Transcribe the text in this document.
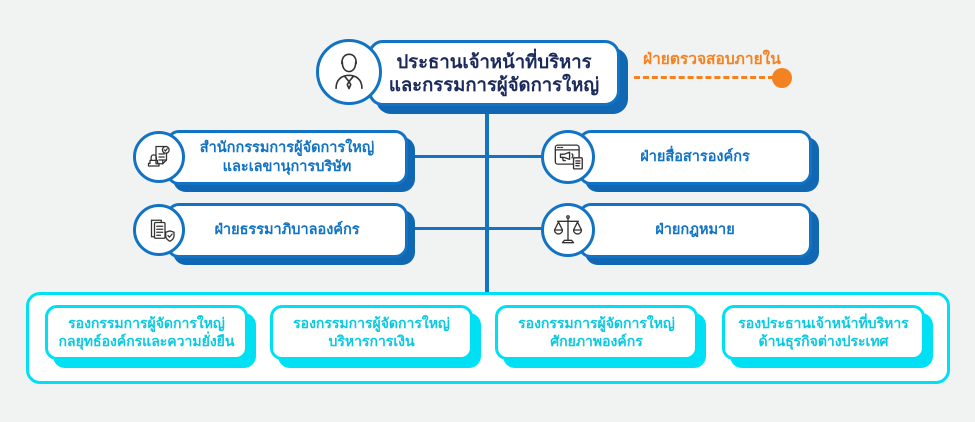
ฝ่ายตรวจสอบภายใน
ประธานเจ้าหน้าที่บริหาร
และกรรมการผู้จัดการใหญ่
สำนักกรรมการผู้จัดการใหญ่
และเลขานุการบริษัท
ฝ่ายสื่อสารองค์กร
ฝ่ายธรรมาภิบาลองค์กร	ฝ่ายกฎหมาย
รองกรรมการผู้จัดการใหญ่
กลยุทธ์องค์กรและความยั่งยืน
รองกรรมการผู้จัดการใหญ่
บริหารการเงิน
รองกรรมการผู้จัดการใหญ่
ศักยภาพองค์กร
รองประธานเจ้าหน้าที่บริหาร
ด้านธุรกิจต่างประเทศ
